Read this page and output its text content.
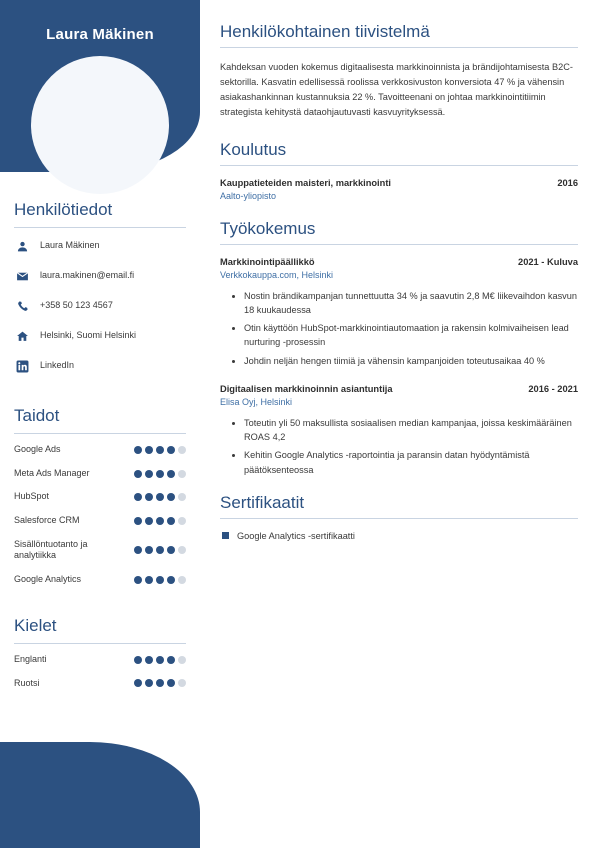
Laura Mäkinen
Henkilötiedot
Laura Mäkinen
laura.makinen@email.fi
+358 50 123 4567
Helsinki, Suomi Helsinki
LinkedIn
Taidot
Google Ads
Meta Ads Manager
HubSpot
Salesforce CRM
Sisällöntuotanto ja analytiikka
Google Analytics
Kielet
Englanti
Ruotsi
Henkilökohtainen tiivistelmä

Kahdeksan vuoden kokemus digitaalisesta markkinoinnista ja brändijohtamisesta B2C-sektorilla. Kasvatin edellisessä roolissa verkkosivuston konversiota 47 % ja vähensin asiakashankinnan kustannuksia 22 %. Tavoitteenani on johtaa markkinointitiimin strategista kehitystä dataohjautuvasti kasvuyrityksessä.

Koulutus
Kauppatieteiden maisteri, markkinointi	2016
Aalto-yliopisto
Työkokemus
Markkinointipäällikkö	2021 - Kuluva
Verkkokauppa.com, Helsinki
• Nostin brändikampanjan tunnettuutta 34 % ja saavutin 2,8 M€ liikevaihdon kasvun 18 kuukaudessa
• Otin käyttöön HubSpot-markkinointiautomaation ja rakensin kolmivaiheisen lead nurturing -prosessin
• Johdin neljän hengen tiimiä ja vähensin kampanjoiden toteutusaikaa 40 %
Digitaalisen markkinoinnin asiantuntija	2016 - 2021
Elisa Oyj, Helsinki
• Toteutin yli 50 maksullista sosiaalisen median kampanjaa, joissa keskimääräinen ROAS 4,2
• Kehitin Google Analytics -raportointia ja paransin datan hyödyntämistä päätöksenteossa
Sertifikaatit
Google Analytics -sertifikaatti
